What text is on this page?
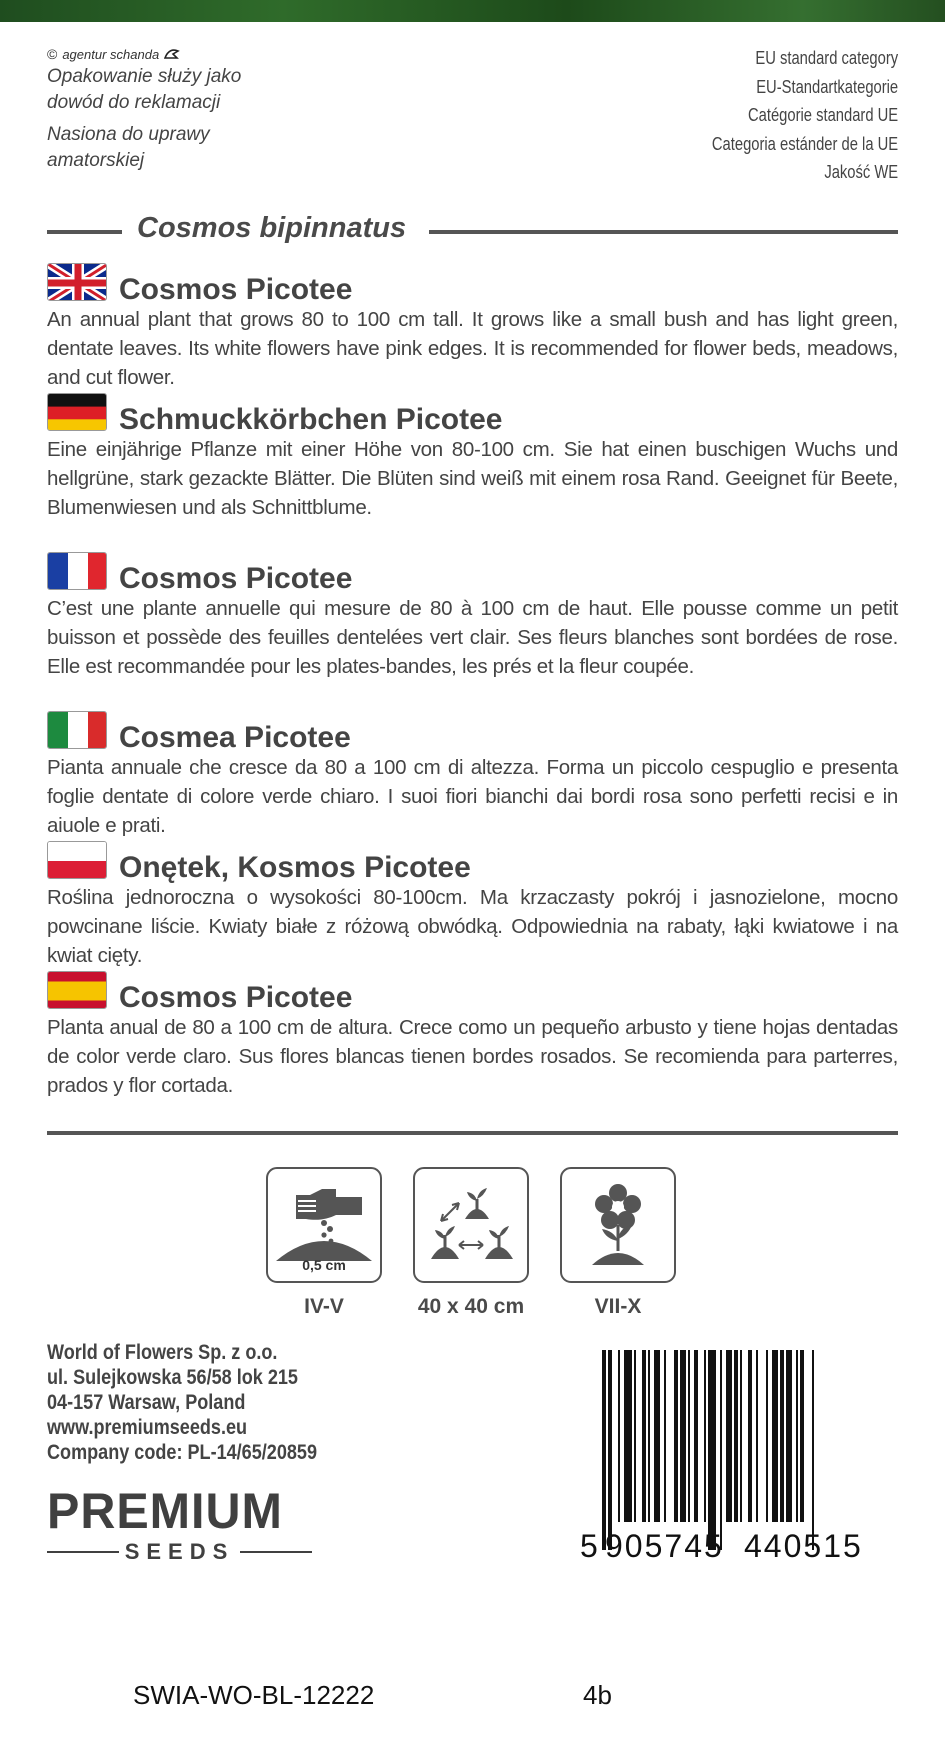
© agentur schanda

Opakowanie służy jako

dowód do reklamacji

Nasiona do uprawy

amatorskiej

EU standard category
EU-Standartkategorie
Catégorie standard UE
Categoria estánder de la UE
Jakość WE
Cosmos bipinnatus
Cosmos Picotee

An annual plant that grows 80 to 100 cm tall. It grows like a small bush and has light green, dentate leaves. Its white flowers have pink edges. It is recommended for flower beds, meadows, and cut flower.

Schmuckkörbchen Picotee

Eine einjährige Pflanze mit einer Höhe von 80-100 cm. Sie hat einen buschigen Wuchs und hellgrüne, stark gezackte Blätter. Die Blüten sind weiß mit einem rosa Rand. Geeignet für Beete, Blumenwiesen und als Schnittblume.

Cosmos Picotee

C’est une plante annuelle qui mesure de 80 à 100 cm de haut. Elle pousse comme un petit buisson et possède des feuilles dentelées vert clair. Ses fleurs blanches sont bordées de rose. Elle est recommandée pour les plates-bandes, les prés et la fleur coupée.

Cosmea Picotee

Pianta annuale che cresce da 80 a 100 cm di altezza. Forma un piccolo cespuglio e presenta foglie dentate di colore verde chiaro. I suoi fiori bianchi dai bordi rosa sono perfetti recisi e in aiuole e prati.

Onętek, Kosmos Picotee

Roślina jednoroczna o wysokości 80-100cm. Ma krzaczasty pokrój i jasnozielone, mocno powcinane liście. Kwiaty białe z różową obwódką. Odpowiednia na rabaty, łąki kwiatowe i na kwiat cięty.

Cosmos Picotee

Planta anual de 80 a 100 cm de altura. Crece como un pequeño arbusto y tiene hojas dentadas de color verde claro. Sus flores blancas tienen bordes rosados. Se recomienda para parterres, prados y flor cortada.

0,5 cm
IV-V	40 x 40 cm	VII-X
World of Flowers Sp. z o.o.
ul. Sulejkowska 56/58 lok 215
04-157 Warsaw, Poland
www.premiumseeds.eu
Company code: PL-14/65/20859
PREMIUM
SEEDS	5 905745 440515
SWIA-WO-BL-12222	4b
